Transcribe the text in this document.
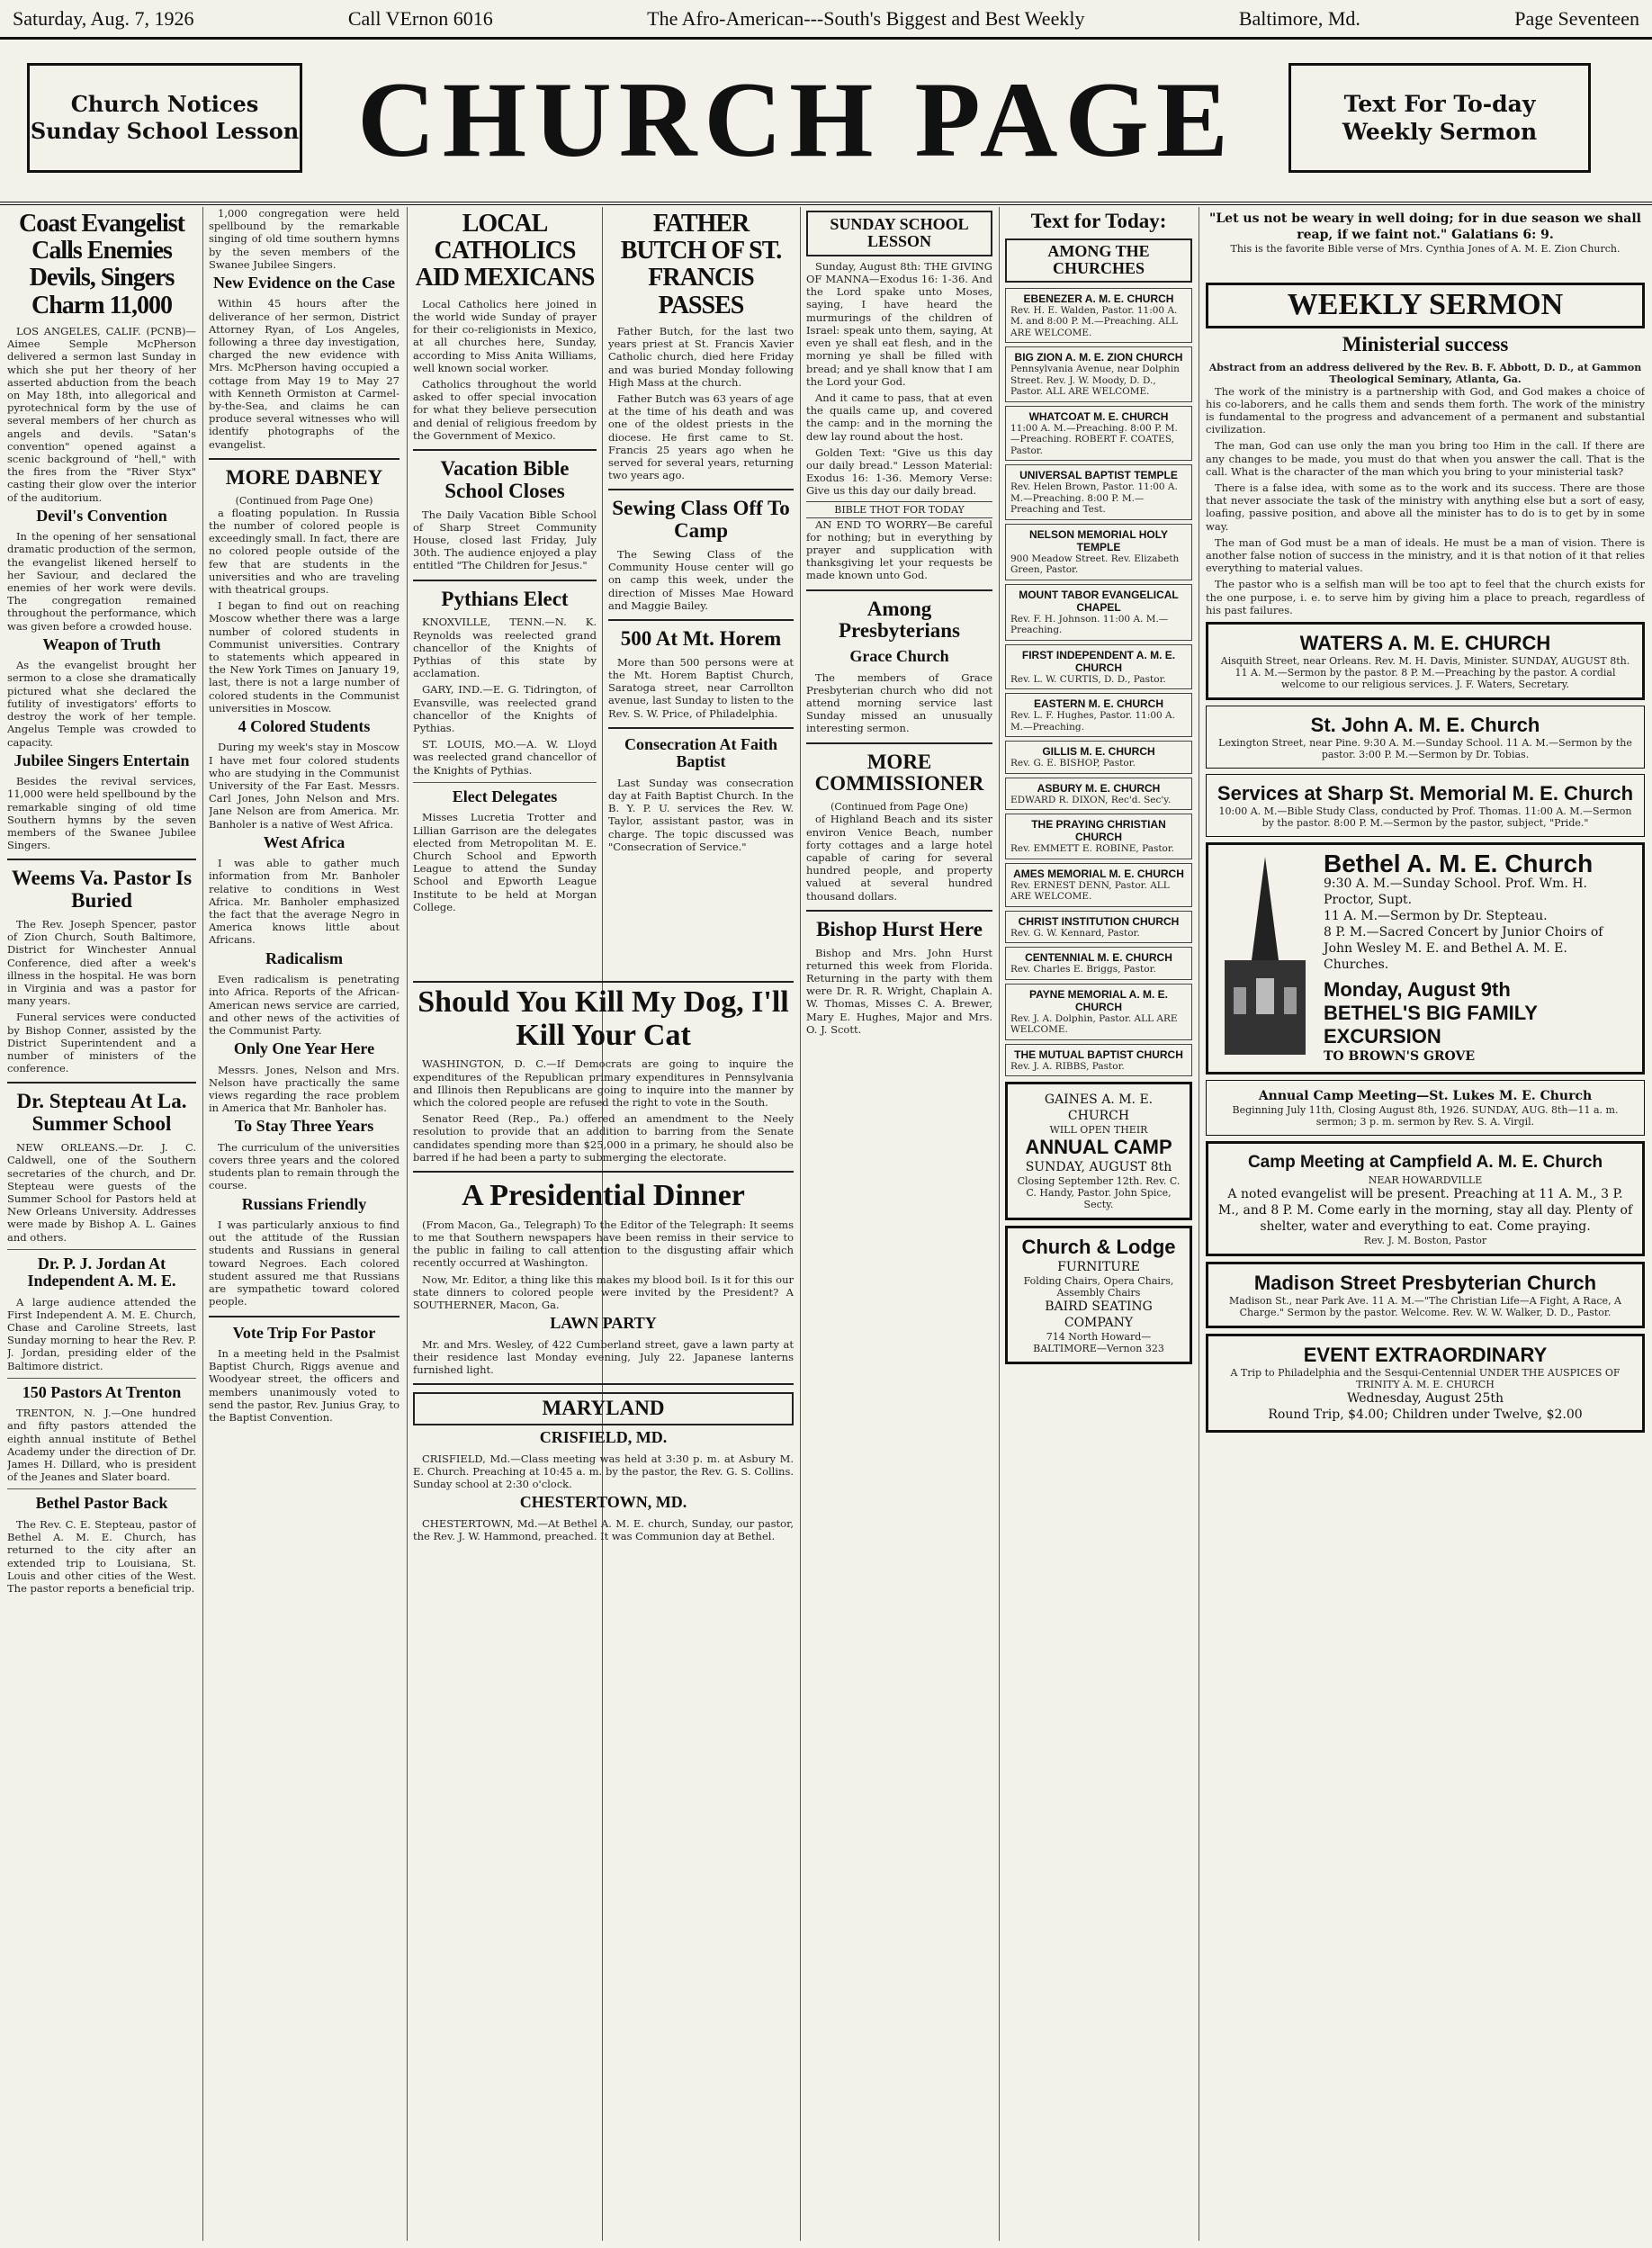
Saturday, Aug. 7, 1926	Call VErnon 6016	The Afro-American---South's Biggest and Best Weekly	Baltimore, Md.	Page Seventeen
Church Notices
Sunday School Lesson CHURCH PAGE	Text For To-day
Weekly Sermon
Coast Evangelist Calls Enemies Devils, Singers Charm 11,000

LOS ANGELES, CALIF. (PCNB)—Aimee Semple McPherson delivered a sermon last Sunday in which she put her theory of her asserted abduction from the beach on May 18th, into allegorical and pyrotechnical form by the use of several members of her church as angels and devils. "Satan's convention" opened against a scenic background of "hell," with the fires from the "River Styx" casting their glow over the interior of the auditorium.

Devil's Convention

In the opening of her sensational dramatic production of the sermon, the evangelist likened herself to her Saviour, and declared the enemies of her work were devils. The congregation remained throughout the performance, which was given before a crowded house.

Weapon of Truth

As the evangelist brought her sermon to a close she dramatically pictured what she declared the futility of investigators' efforts to destroy the work of her temple. Angelus Temple was crowded to capacity.

Jubilee Singers Entertain

Besides the revival services, 11,000 were held spellbound by the remarkable singing of old time Southern hymns by the seven members of the Swanee Jubilee Singers.

Weems Va. Pastor Is Buried

The Rev. Joseph Spencer, pastor of Zion Church, South Baltimore, District for Winchester Annual Conference, died after a week's illness in the hospital. He was born in Virginia and was a pastor for many years.

Funeral services were conducted by Bishop Conner, assisted by the District Superintendent and a number of ministers of the conference.

Dr. Stepteau At La. Summer School

NEW ORLEANS.—Dr. J. C. Caldwell, one of the Southern secretaries of the church, and Dr. Stepteau were guests of the Summer School for Pastors held at New Orleans University. Addresses were made by Bishop A. L. Gaines and others.

Dr. P. J. Jordan At Independent A. M. E.

A large audience attended the First Independent A. M. E. Church, Chase and Caroline Streets, last Sunday morning to hear the Rev. P. J. Jordan, presiding elder of the Baltimore district.

150 Pastors At Trenton

TRENTON, N. J.—One hundred and fifty pastors attended the eighth annual institute of Bethel Academy under the direction of Dr. James H. Dillard, who is president of the Jeanes and Slater board.

Bethel Pastor Back

The Rev. C. E. Stepteau, pastor of Bethel A. M. E. Church, has returned to the city after an extended trip to Louisiana, St. Louis and other cities of the West. The pastor reports a beneficial trip.

1,000 congregation were held spellbound by the remarkable singing of old time southern hymns by the seven members of the Swanee Jubilee Singers.

New Evidence on the Case

Within 45 hours after the deliverance of her sermon, District Attorney Ryan, of Los Angeles, following a three day investigation, charged the new evidence with Mrs. McPherson having occupied a cottage from May 19 to May 27 with Kenneth Ormiston at Carmel-by-the-Sea, and claims he can produce several witnesses who will identify photographs of the evangelist.

MORE DABNEY
(Continued from Page One)

a floating population. In Russia the number of colored people is exceedingly small. In fact, there are no colored people outside of the few that are students in the universities and who are traveling with theatrical groups.

I began to find out on reaching Moscow whether there was a large number of colored students in Communist universities. Contrary to statements which appeared in the New York Times on January 19, last, there is not a large number of colored students in the Communist universities in Moscow.

4 Colored Students

During my week's stay in Moscow I have met four colored students who are studying in the Communist University of the Far East. Messrs. Carl Jones, John Nelson and Mrs. Jane Nelson are from America. Mr. Banholer is a native of West Africa.

West Africa

I was able to gather much information from Mr. Banholer relative to conditions in West Africa. Mr. Banholer emphasized the fact that the average Negro in America knows little about Africans.

Radicalism

Even radicalism is penetrating into Africa. Reports of the African-American news service are carried, and other news of the activities of the Communist Party.

Only One Year Here

Messrs. Jones, Nelson and Mrs. Nelson have practically the same views regarding the race problem in America that Mr. Banholer has.

To Stay Three Years

The curriculum of the universities covers three years and the colored students plan to remain through the course.

Russians Friendly

I was particularly anxious to find out the attitude of the Russian students and Russians in general toward Negroes. Each colored student assured me that Russians are sympathetic toward colored people.

Vote Trip For Pastor

In a meeting held in the Psalmist Baptist Church, Riggs avenue and Woodyear street, the officers and members unanimously voted to send the pastor, Rev. Junius Gray, to the Baptist Convention.

LOCAL CATHOLICS AID MEXICANS

Local Catholics here joined in the world wide Sunday of prayer for their co-religionists in Mexico, at all churches here, Sunday, according to Miss Anita Williams, well known social worker.

Catholics throughout the world asked to offer special invocation for what they believe persecution and denial of religious freedom by the Government of Mexico.

Vacation Bible School Closes

The Daily Vacation Bible School of Sharp Street Community House, closed last Friday, July 30th. The audience enjoyed a play entitled "The Children for Jesus."

Pythians Elect

KNOXVILLE, TENN.—N. K. Reynolds was reelected grand chancellor of the Knights of Pythias of this state by acclamation.

GARY, IND.—E. G. Tidrington, of Evansville, was reelected grand chancellor of the Knights of Pythias.

ST. LOUIS, MO.—A. W. Lloyd was reelected grand chancellor of the Knights of Pythias.

Elect Delegates

Misses Lucretia Trotter and Lillian Garrison are the delegates elected from Metropolitan M. E. Church School and Epworth League to attend the Sunday School and Epworth League Institute to be held at Morgan College.

FATHER BUTCH OF ST. FRANCIS PASSES

Father Butch, for the last two years priest at St. Francis Xavier Catholic church, died here Friday and was buried Monday following High Mass at the church.

Father Butch was 63 years of age at the time of his death and was one of the oldest priests in the diocese. He first came to St. Francis 25 years ago when he served for several years, returning two years ago.

Sewing Class Off To Camp

The Sewing Class of the Community House center will go on camp this week, under the direction of Misses Mae Howard and Maggie Bailey.

500 At Mt. Horem

More than 500 persons were at the Mt. Horem Baptist Church, Saratoga street, near Carrollton avenue, last Sunday to listen to the Rev. S. W. Price, of Philadelphia.

Consecration At Faith Baptist

Last Sunday was consecration day at Faith Baptist Church. In the B. Y. P. U. services the Rev. W. Taylor, assistant pastor, was in charge. The topic discussed was "Consecration of Service."

Should You Kill My Dog, I'll Kill Your Cat

WASHINGTON, D. C.—If Democrats are going to inquire the expenditures of the Republican primary expenditures in Pennsylvania and Illinois then Republicans are going to inquire into the manner by which the colored people are refused the right to vote in the South.

Senator Reed (Rep., Pa.) offered an amendment to the Neely resolution to provide that an addition to barring from the Senate candidates spending more than $25,000 in a primary, he should also be barred if he had been a party to submerging the electorate.

A Presidential Dinner

(From Macon, Ga., Telegraph) To the Editor of the Telegraph: It seems to me that Southern newspapers have been remiss in their service to the public in failing to call attention to the disgusting affair which recently occurred at Washington.

Now, Mr. Editor, a thing like this makes my blood boil. Is it for this our state dinners to colored people were invited by the President? A SOUTHERNER, Macon, Ga.

LAWN PARTY

Mr. and Mrs. Wesley, of 422 Cumberland street, gave a lawn party at their residence last Monday evening, July 22. Japanese lanterns furnished light.

MARYLAND
CRISFIELD, MD.

CRISFIELD, Md.—Class meeting was held at 3:30 p. m. at Asbury M. E. Church. Preaching at 10:45 a. m. by the pastor, the Rev. G. S. Collins. Sunday school at 2:30 o'clock.

CHESTERTOWN, MD.

CHESTERTOWN, Md.—At Bethel A. M. E. church, Sunday, our pastor, the Rev. J. W. Hammond, preached. It was Communion day at Bethel.

SUNDAY SCHOOL LESSON

Sunday, August 8th: THE GIVING OF MANNA—Exodus 16: 1-36. And the Lord spake unto Moses, saying, I have heard the murmurings of the children of Israel: speak unto them, saying, At even ye shall eat flesh, and in the morning ye shall be filled with bread; and ye shall know that I am the Lord your God.

And it came to pass, that at even the quails came up, and covered the camp: and in the morning the dew lay round about the host.

Golden Text: "Give us this day our daily bread." Lesson Material: Exodus 16: 1-36. Memory Verse: Give us this day our daily bread.

BIBLE THOT FOR TODAY

AN END TO WORRY—Be careful for nothing; but in everything by prayer and supplication with thanksgiving let your requests be made known unto God.

Among Presbyterians
Grace Church

The members of Grace Presbyterian church who did not attend morning service last Sunday missed an unusually interesting sermon.

MORE COMMISSIONER
(Continued from Page One)

of Highland Beach and its sister environ Venice Beach, number forty cottages and a large hotel capable of caring for several hundred people, and property valued at several hundred thousand dollars.

Bishop Hurst Here

Bishop and Mrs. John Hurst returned this week from Florida. Returning in the party with them were Dr. R. R. Wright, Chaplain A. W. Thomas, Misses C. A. Brewer, Mary E. Hughes, Major and Mrs. O. J. Scott.

Text for Today:
AMONG THE CHURCHES
EBENEZER A. M. E. CHURCH
Rev. H. E. Walden, Pastor. 11:00 A. M. and 8:00 P. M.—Preaching. ALL ARE WELCOME.
BIG ZION A. M. E. ZION CHURCH
Pennsylvania Avenue, near Dolphin Street. Rev. J. W. Moody, D. D., Pastor. ALL ARE WELCOME.
WHATCOAT M. E. CHURCH
11:00 A. M.—Preaching. 8:00 P. M.—Preaching. ROBERT F. COATES, Pastor.
UNIVERSAL BAPTIST TEMPLE
Rev. Helen Brown, Pastor. 11:00 A. M.—Preaching. 8:00 P. M.—Preaching and Test.
NELSON MEMORIAL HOLY TEMPLE
900 Meadow Street. Rev. Elizabeth Green, Pastor.
MOUNT TABOR EVANGELICAL CHAPEL
Rev. F. H. Johnson. 11:00 A. M.—Preaching.
FIRST INDEPENDENT A. M. E. CHURCH
Rev. L. W. CURTIS, D. D., Pastor.
EASTERN M. E. CHURCH
Rev. L. F. Hughes, Pastor. 11:00 A. M.—Preaching.
GILLIS M. E. CHURCH
Rev. G. E. BISHOP, Pastor.
ASBURY M. E. CHURCH
EDWARD R. DIXON, Rec'd. Sec'y.
THE PRAYING CHRISTIAN CHURCH
Rev. EMMETT E. ROBINE, Pastor.
AMES MEMORIAL M. E. CHURCH
Rev. ERNEST DENN, Pastor. ALL ARE WELCOME.
CHRIST INSTITUTION CHURCH
Rev. G. W. Kennard, Pastor.
CENTENNIAL M. E. CHURCH
Rev. Charles E. Briggs, Pastor.
PAYNE MEMORIAL A. M. E. CHURCH
Rev. J. A. Dolphin, Pastor. ALL ARE WELCOME.
THE MUTUAL BAPTIST CHURCH
Rev. J. A. RIBBS, Pastor.
GAINES A. M. E. CHURCH
WILL OPEN THEIR
ANNUAL CAMP
SUNDAY, AUGUST 8th
Closing September 12th. Rev. C. C. Handy, Pastor. John Spice, Secty.
Church & Lodge
FURNITURE
Folding Chairs, Opera Chairs, Assembly Chairs
BAIRD SEATING COMPANY
714 North Howard—BALTIMORE—Vernon 323
"Let us not be weary in well doing; for in due season we shall reap, if we faint not." Galatians 6: 9.
This is the favorite Bible verse of Mrs. Cynthia Jones of A. M. E. Zion Church.
WEEKLY SERMON
Ministerial success
Abstract from an address delivered by the Rev. B. F. Abbott, D. D., at Gammon Theological Seminary, Atlanta, Ga.

The work of the ministry is a partnership with God, and God makes a choice of his co-laborers, and he calls them and sends them forth. The work of the ministry is fundamental to the progress and advancement of a permanent and substantial civilization.

The man, God can use only the man you bring too Him in the call. If there are any changes to be made, you must do that when you answer the call. That is the call. What is the character of the man which you bring to your ministerial task?

There is a false idea, with some as to the work and its success. There are those that never associate the task of the ministry with anything else but a sort of easy, loafing, passive position, and above all the minister has to do is to get by in some way.

The man of God must be a man of ideals. He must be a man of vision. There is another false notion of success in the ministry, and it is that notion of it that relies everything to material values.

The pastor who is a selfish man will be too apt to feel that the church exists for the one purpose, i. e. to serve him by giving him a place to preach, regardless of his past failures.

WATERS A. M. E. CHURCH
Aisquith Street, near Orleans. Rev. M. H. Davis, Minister. SUNDAY, AUGUST 8th. 11 A. M.—Sermon by the pastor. 8 P. M.—Preaching by the pastor. A cordial welcome to our religious services. J. F. Waters, Secretary.
St. John A. M. E. Church
Lexington Street, near Pine. 9:30 A. M.—Sunday School. 11 A. M.—Sermon by the pastor. 3:00 P. M.—Sermon by Dr. Tobias.
Services at Sharp St. Memorial M. E. Church
10:00 A. M.—Bible Study Class, conducted by Prof. Thomas. 11:00 A. M.—Sermon by the pastor. 8:00 P. M.—Sermon by the pastor, subject, "Pride."
Bethel A. M. E. Church
9:30 A. M.—Sunday School. Prof. Wm. H. Proctor, Supt.
11 A. M.—Sermon by Dr. Stepteau.
8 P. M.—Sacred Concert by Junior Choirs of John Wesley M. E. and Bethel A. M. E. Churches.
Monday, August 9th
BETHEL'S BIG FAMILY EXCURSION
TO BROWN'S GROVE
Annual Camp Meeting—St. Lukes M. E. Church
Beginning July 11th, Closing August 8th, 1926. SUNDAY, AUG. 8th—11 a. m. sermon; 3 p. m. sermon by Rev. S. A. Virgil.
Camp Meeting at Campfield A. M. E. Church
NEAR HOWARDVILLE
A noted evangelist will be present. Preaching at 11 A. M., 3 P. M., and 8 P. M. Come early in the morning, stay all day. Plenty of shelter, water and everything to eat. Come praying.
Rev. J. M. Boston, Pastor
Madison Street Presbyterian Church
Madison St., near Park Ave. 11 A. M.—"The Christian Life—A Fight, A Race, A Charge." Sermon by the pastor. Welcome. Rev. W. W. Walker, D. D., Pastor.
EVENT EXTRAORDINARY
A Trip to Philadelphia and the Sesqui-Centennial UNDER THE AUSPICES OF TRINITY A. M. E. CHURCH
Wednesday, August 25th
Round Trip, $4.00; Children under Twelve, $2.00
